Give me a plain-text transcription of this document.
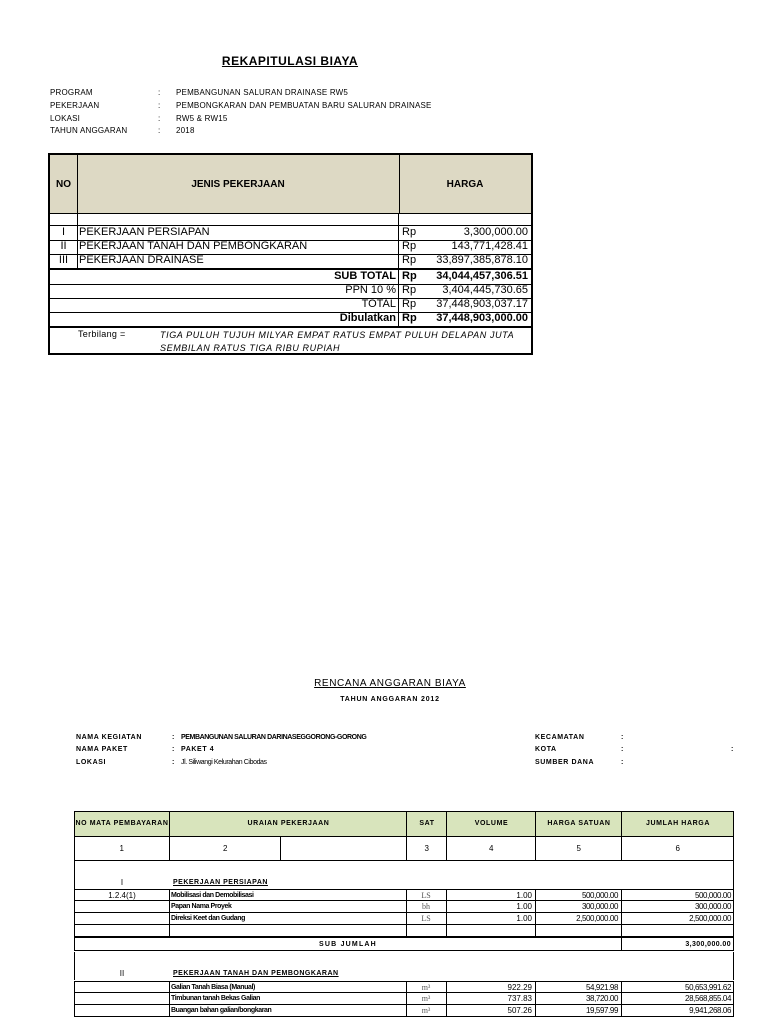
REKAPITULASI BIAYA
PROGRAM	: PEMBANGUNAN SALURAN DRAINASE RW5
PEKERJAAN	: PEMBONGKARAN DAN PEMBUATAN BARU SALURAN DRAINASE
LOKASI	: RW5 & RW15
TAHUN ANGGARAN	: 2018
NO	JENIS PEKERJAAN	HARGA
I	PEKERJAAN PERSIAPAN	Rp	3,300,000.00
II	PEKERJAAN TANAH DAN PEMBONGKARAN	Rp	143,771,428.41
III PEKERJAAN DRAINASE	Rp	33,897,385,878.10
SUB TOTAL Rp	34,044,457,306.51
PPN 10 % Rp	3,404,445,730.65
TOTAL Rp	37,448,903,037.17
Dibulatkan Rp	37,448,903,000.00
Terbilang =	TIGA PULUH TUJUH MILYAR EMPAT RATUS EMPAT PULUH DELAPAN JUTA SEMBILAN RATUS TIGA RIBU RUPIAH
RENCANA ANGGARAN BIAYA
TAHUN ANGGARAN 2012
NAMA KEGIATAN	: PEMBANGUNAN SALURAN DARINASEGGORONG-GORONG
NAMA PAKET	: PAKET 4
LOKASI	: Jl. Siliwangi Kelurahan Cibodas
KECAMATAN	:
KOTA	:	:
SUMBER DANA	:
NO MATA PEMBAYARAN	URAIAN PEKERJAAN	SAT	VOLUME	HARGA SATUAN	JUMLAH HARGA
1	2	3	4	5	6
I	PEKERJAAN PERSIAPAN
1.2.4(1)	Mobilisasi dan Demobilisasi	LS	1.00	500,000.00	500,000.00
Papan Nama Proyek	bh	1.00	300,000.00	300,000.00
Direksi Keet dan Gudang	LS	1.00	2,500,000.00	2,500,000.00
SUB JUMLAH	3,300,000.00
II	PEKERJAAN TANAH DAN PEMBONGKARAN
Galian Tanah Biasa (Manual)	m³	922.29	54,921.98	50,653,991.62
Timbunan tanah Bekas Galian	m³	737.83	38,720.00	28,568,855.04
Buangan bahan galian/bongkaran	m³	507.26	19,597.99	9,941,268.06
